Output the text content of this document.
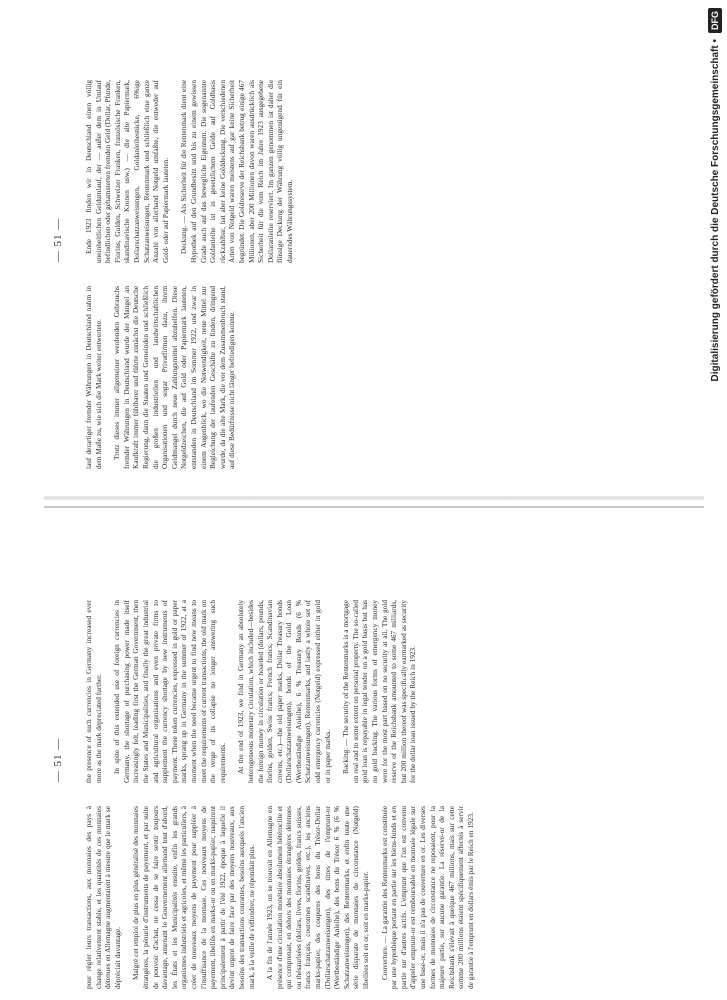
— 51 —

pour régler leurs transactions, aux monnaies des pays à change relativement stable, et les quantités de ces monnaies détenues en Allemagne augmentaient à mesure que le mark se dépréciait davantage. Malgré cet emploi de plus en plus généralisé des monnaies étrangères, la pénurie d'instruments de payement, et par suite de pouvoir d'achat, ne cessa de se faire sentir toujours davantage, amenant le Gouvernement allemand tout d'abord, les États et les Municipalités ensuite, enfin les grands organismes industriels et agricoles, et même les particuliers, à créer de nouveaux moyens de payement pour suppléer à l'insuffisance de la monnaie. Ces nouveaux moyens de payement, libellés en marks-or ou en marks-papier, naquirent principalement à partir de l'été 1922, époque à laquelle il devint urgent de faire face par des moyens nouveaux, aux besoins des transactions courantes, besoins auxquels l'ancien mark, à la veille de s'effondrer, ne répondait plus. A la fin de l'année 1923, on se trouvait en Allemagne en présence d'une circulation monétaire absolument hétéroclite et qui comprenait, en dehors des monnaies étrangères détenues ou thésaurisées (dollars, livres, florins, golden, francs suisses, francs français, couronnes scandinaves, etc.), les anciens marks-papier, des coupures des bons du Trésor-Dollar (Dollarschatzanweisungen), des titres de l'emprunt-or (Wertbeständige Anleihe), des bons du Trésor 6 % (6 % Schatzanweisungen), des Rentenmarks, et enfin toute une série disparate de monnaies de circonstance (Notgeld) libellées soit en or, soit en marks-papier. Couverture. — La garantie des Rentenmarks est constituée par une hypothèque portant en partie sur les biens-fonds et en partie sur d'autres actifs. L'emprunt que l'on est convenu d'appeler emprunt-or est remboursable en monnaie légale sur une base-or, mais il n'a pas de couverture en or. Les diverses formes de monnaies de circonstance ne reposaient, pour la majeure partie, sur aucune garantie. La réserve-or de la Reichsbank s'élevait à quelque 467 millions, mais sur cette somme 200 millions étaient spécifiquement affectés à servir de garantie à l'emprunt en dollars émis par le Reich en 1923.

the presence of such currencies in Germany increased ever more as the mark depreciated further. In spite of this extended use of foreign currencies in Germany, the shortage of purchasing power made itself increasingly felt, leading first the German Government, then the States and Municipalities, and finally the great industrial and agricultural organisations and even private firms to supplement the currency shortage by new instruments of payment. These token currencies, expressed in gold or paper marks, sprang up in Germany in the summer of 1922, at a moment when the need became urgent to find new means to meet the requirements of current transactions, the old mark on the verge of its collapse no longer answering such requirements. At the end of 1923, we find in Germany an absolutely heterogeneous monetary circulation, which included—besides the foreign money in circulation or hoarded (dollars, pounds, florins, golden, Swiss francs, French francs, Scandinavian crowns, etc.)—the old paper marks, Dollar Treasury bonds (Dollarschatzanweisungen), bonds of the Gold Loan (Wertbeständige Anleihe), 6 % Treasury Bonds (6 % Schatzanweisungen), Rentenmarks, and lastly a whole set of odd emergency currencies (Notgeld) expressed either in gold or in paper marks. Backing. — The security of the Rentenmarks is a mortgage on real and to some extent on personal property. The so-called gold loan is repayable in legal tender on a gold basis but has no gold backing. The various forms of emergency money were for the most part based on no security at all. The gold reserve of the Reichsbank amounted to some 467 milliards, but 200 million thereof was specifically earmarked as security for the dollar loan issued by the Reich in 1923.

— 51 —

lauf derartiger fremder Währungen in Deutschland nahm in dem Maße zu, wie sich die Mark weiter entwertete. Trotz dieses immer allgemeiner werdenden Gebrauchs fremder Währungen in Deutschland wurde der Mangel an Kaufkraft immer fühlbarer und führte zunächst die Deutsche Regierung, dann die Staaten und Gemeinden und schließlich die großen industriellen und landwirtschaftlichen Organisationen und sogar Privatfirmen dazu, ihrem Geldmangel durch neue Zahlungsmittel abzuhelfen. Diese Notgeldzeichen, die auf Gold oder Papiermark lauteten, entstanden in Deutschland im Sommer 1922, und zwar in einem Augenblick, wo die Notwendigkeit, neue Mittel zur Begleichung der laufenden Geschäfte zu finden, dringend wurde, da die alte Mark, die vor dem Zusammenbruch stand, auf diese Bedürfnisse nicht länger befriedigen konnte.

Ende 1923 finden wir in Deutschland einen völlig uneinheitlichen Geldumlauf, der — außer dem in Umlauf befindlichen oder gehamsterten fremden Geld (Dollar, Pfunde, Florins, Gulden, Schweizer Franken, französische Franken, skandinavische Kronen usw.) — die alte Papiermark, Dollarschatzanweisungen, Goldanleihestücke, 6%ige Schatzanweisungen, Rentenmark und schließlich eine ganze Anzahl von allerhand Notgeld umfaßte, die entweder auf Gold- oder auf Papiermark lauteten. Deckung. — Als Sicherheit für die Rentenmark dient eine Hypothek auf den Grundbesitz und bis zu einem gewissen Grade auch auf das bewegliche Eigentum. Die sogenannte Goldanleihe ist in gesetzlichem Gelde auf Goldbasis rückzahlbar, hat aber keine Golddeckung. Die verschiedenen Arten von Notgeld waren meistens auf gar keine Sicherheit begründet. Die Goldreserve der Reichsbank betrug einige 467 Millionen, aber 200 Millionen davon waren ausdrücklich als Sicherheit für die vom Reich im Jahre 1923 ausgegebene Dollaranleihe reserviert. Im ganzen genommen ist daher die flüssige Deckung der Währung völlig ungenügend für ein dauerndes Währungssystem.	Digitalisierung gefördert durch die Deutsche Forschungsgemeinschaft •
DFG
